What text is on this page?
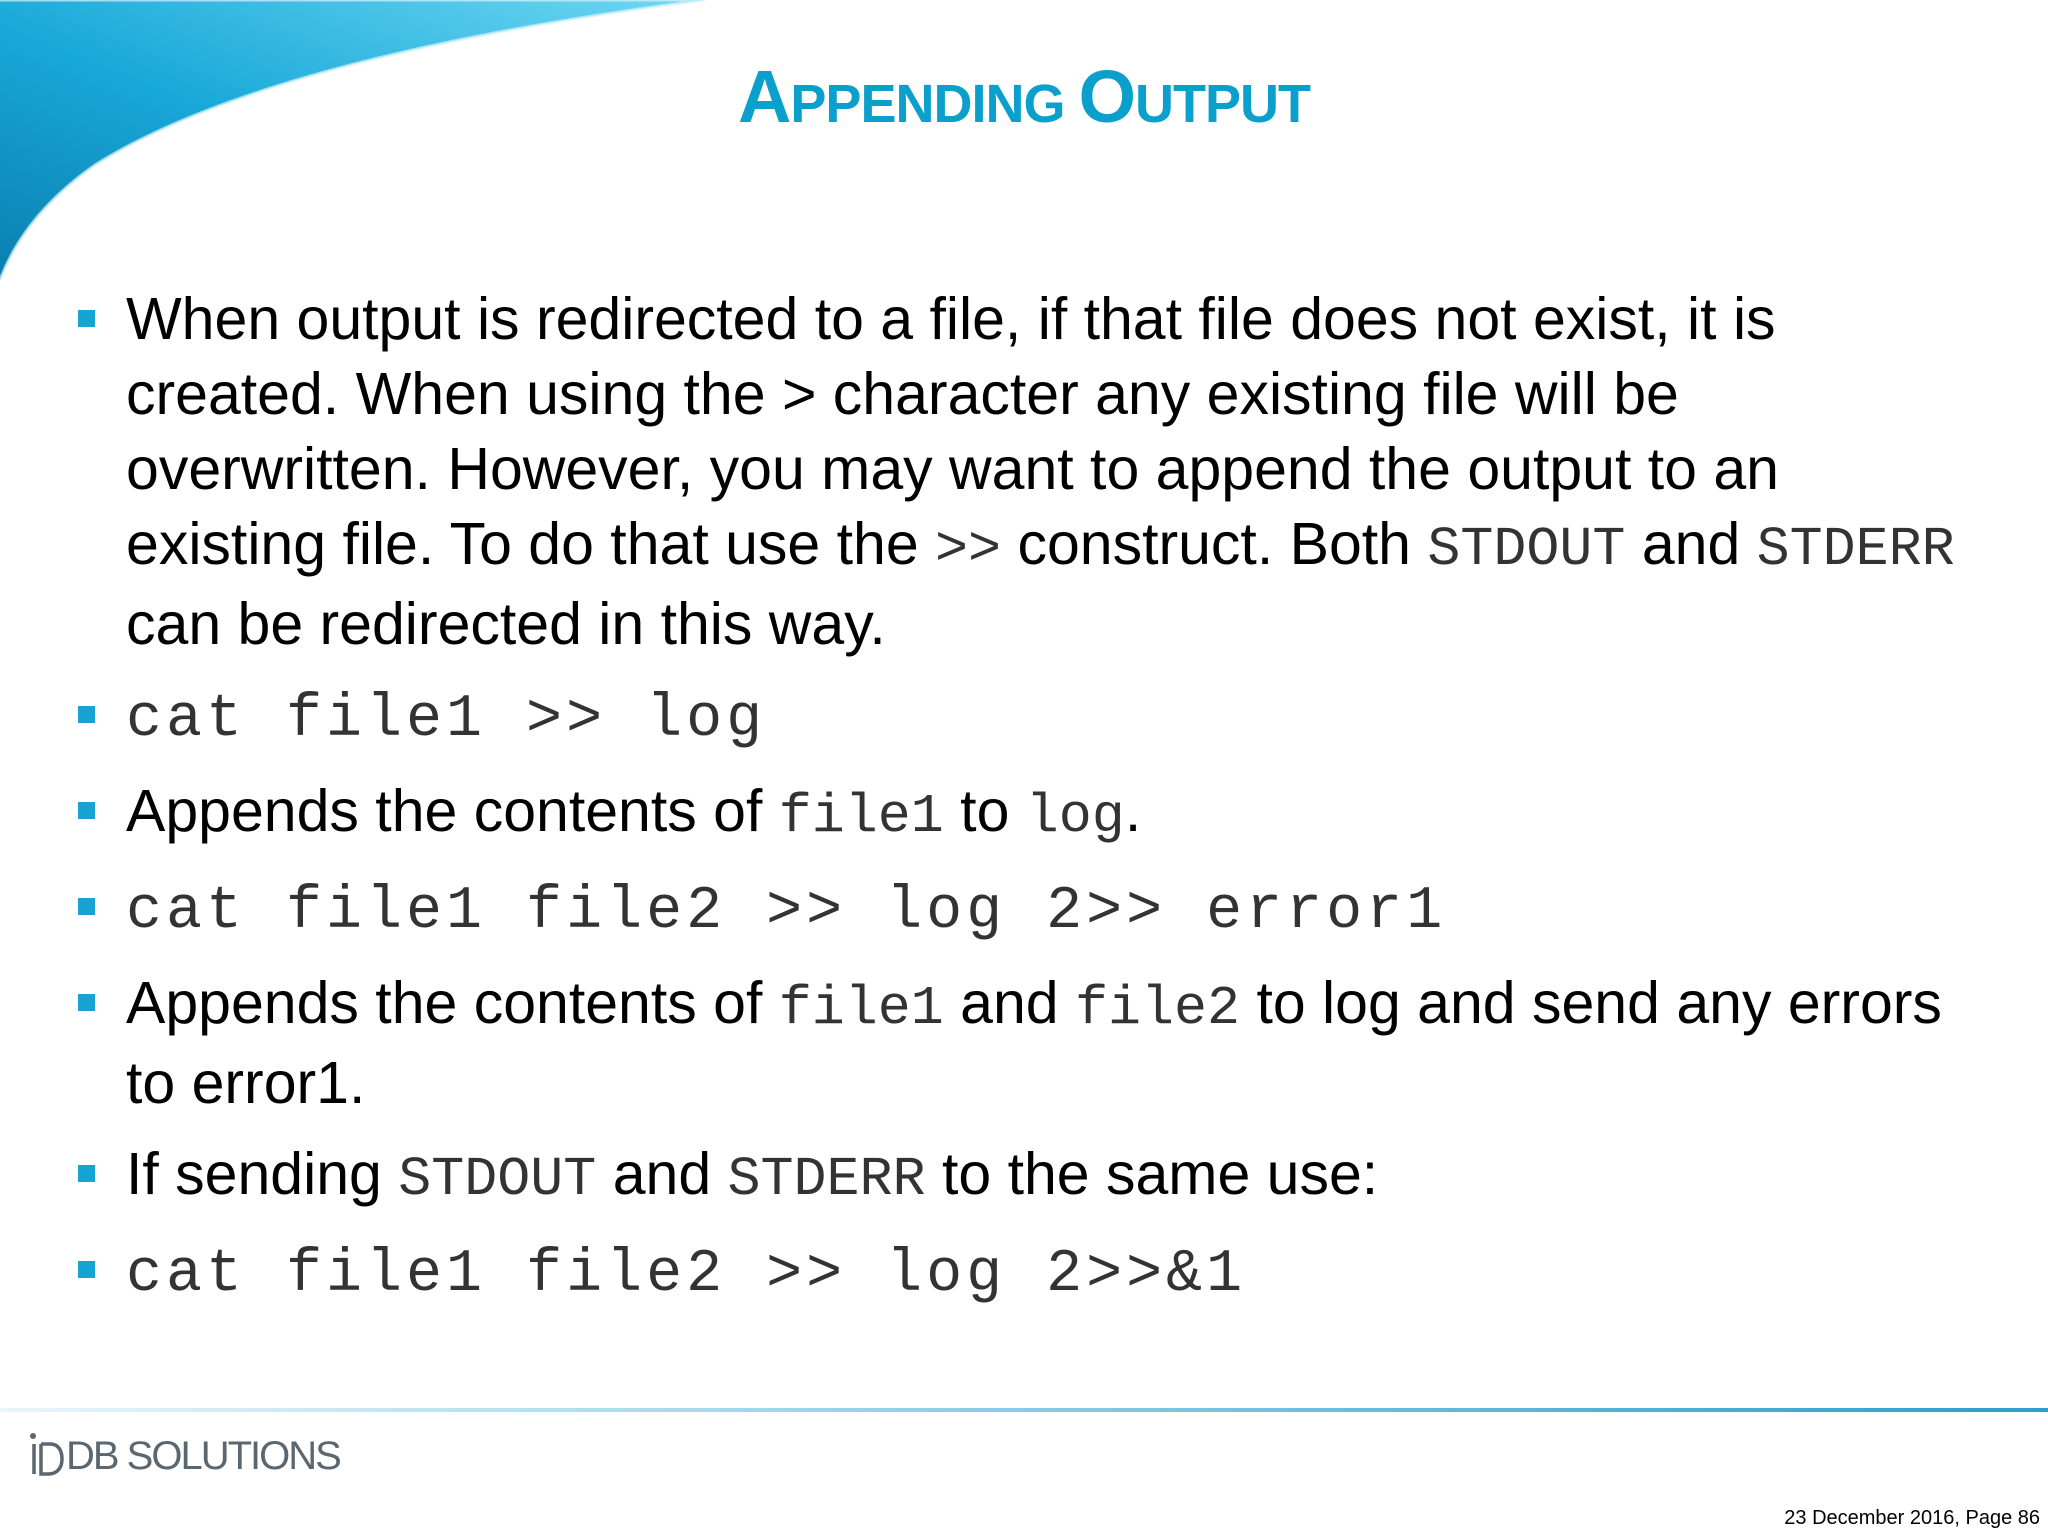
APPENDING OUTPUT
When output is redirected to a file, if that file does not exist, it is created. When using the > character any existing file will be overwritten. However, you may want to append the output to an existing file. To do that use the >> construct. Both STDOUT and STDERR can be redirected in this way.
cat file1 >> log
Appends the contents of file1 to log.
cat file1 file2 >> log 2>> error1
Appends the contents of file1 and file2 to log and send any errors to error1.
If sending STDOUT and STDERR to the same use:
cat file1 file2 >> log 2>>&1
DB SOLUTIONS
23 December 2016, Page 86
